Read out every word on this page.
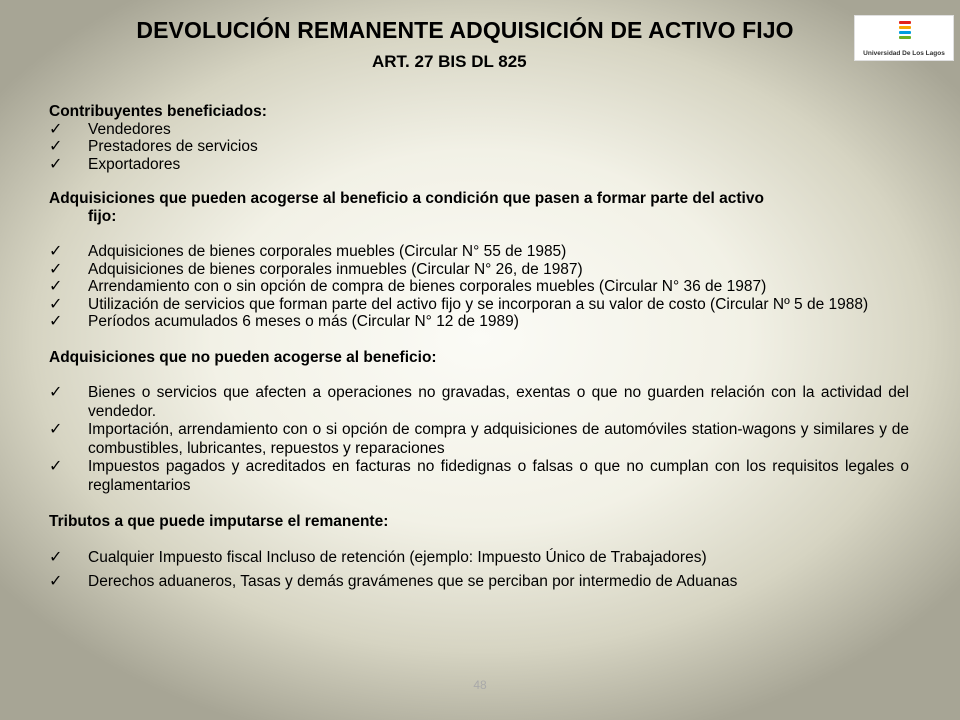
DEVOLUCIÓN REMANENTE ADQUISICIÓN DE ACTIVO FIJO
ART. 27 BIS DL 825	Universidad De Los Lagos
Contribuyentes beneficiados:
✓ Vendedores
✓ Prestadores de servicios
✓ Exportadores
Adquisiciones que pueden acogerse al beneficio a condición que pasen a formar parte del activo
fijo:
✓ Adquisiciones de bienes corporales muebles (Circular N° 55 de 1985)
✓ Adquisiciones de bienes corporales inmuebles (Circular N° 26, de 1987)
✓ Arrendamiento con o sin opción de compra de bienes corporales muebles (Circular N° 36 de 1987)
✓ Utilización de servicios que forman parte del activo fijo y se incorporan a su valor de costo (Circular Nº 5 de 1988)
✓ Períodos acumulados 6 meses o más (Circular N° 12 de 1989)
Adquisiciones que no pueden acogerse al beneficio:
✓ Bienes o servicios que afecten a operaciones no gravadas, exentas o que no guarden relación con la actividad del vendedor.
✓ Importación, arrendamiento con o si opción de compra y adquisiciones de automóviles station-wagons y similares y de combustibles, lubricantes, repuestos y reparaciones
✓ Impuestos pagados y acreditados en facturas no fidedignas o falsas o que no cumplan con los requisitos legales o reglamentarios
Tributos a que puede imputarse el remanente:
✓ Cualquier Impuesto fiscal Incluso de retención (ejemplo: Impuesto Único de Trabajadores)
✓ Derechos aduaneros, Tasas y demás gravámenes que se perciban por intermedio de Aduanas
48
